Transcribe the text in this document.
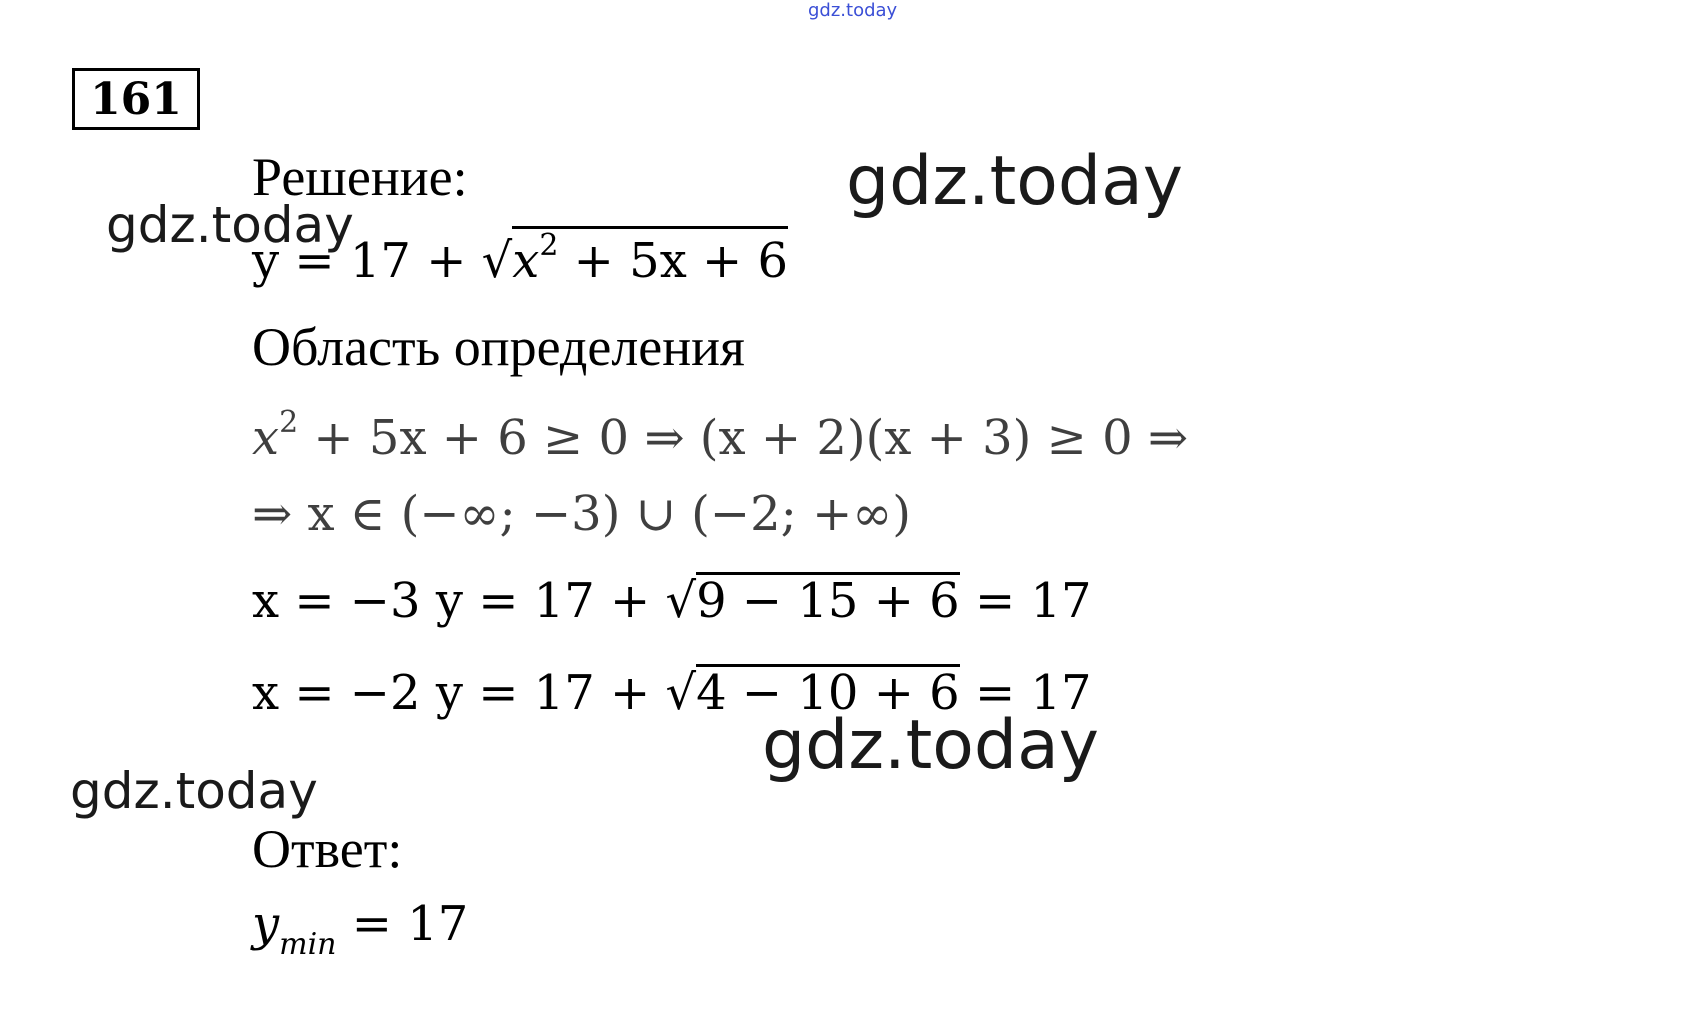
gdz.today
161
Решение:	gdz.today
gdz.today
$y = 17 + √x^2 + 5x + 6$
Область определения
$x^2 + 5x + 6 \ge 0$ ⇒ (x + 2)(x + 3) ≥ 0 ⇒
⇒ x ∈ (−∞; −3) ∪ (−2; +∞)
x = −3 y = 17 + √9 − 15 + 6 = 17
x = −2 y = 17 + √4 − 10 + 6 = 17
gdz.today
gdz.today
Ответ:
$y_{min} = 17$
